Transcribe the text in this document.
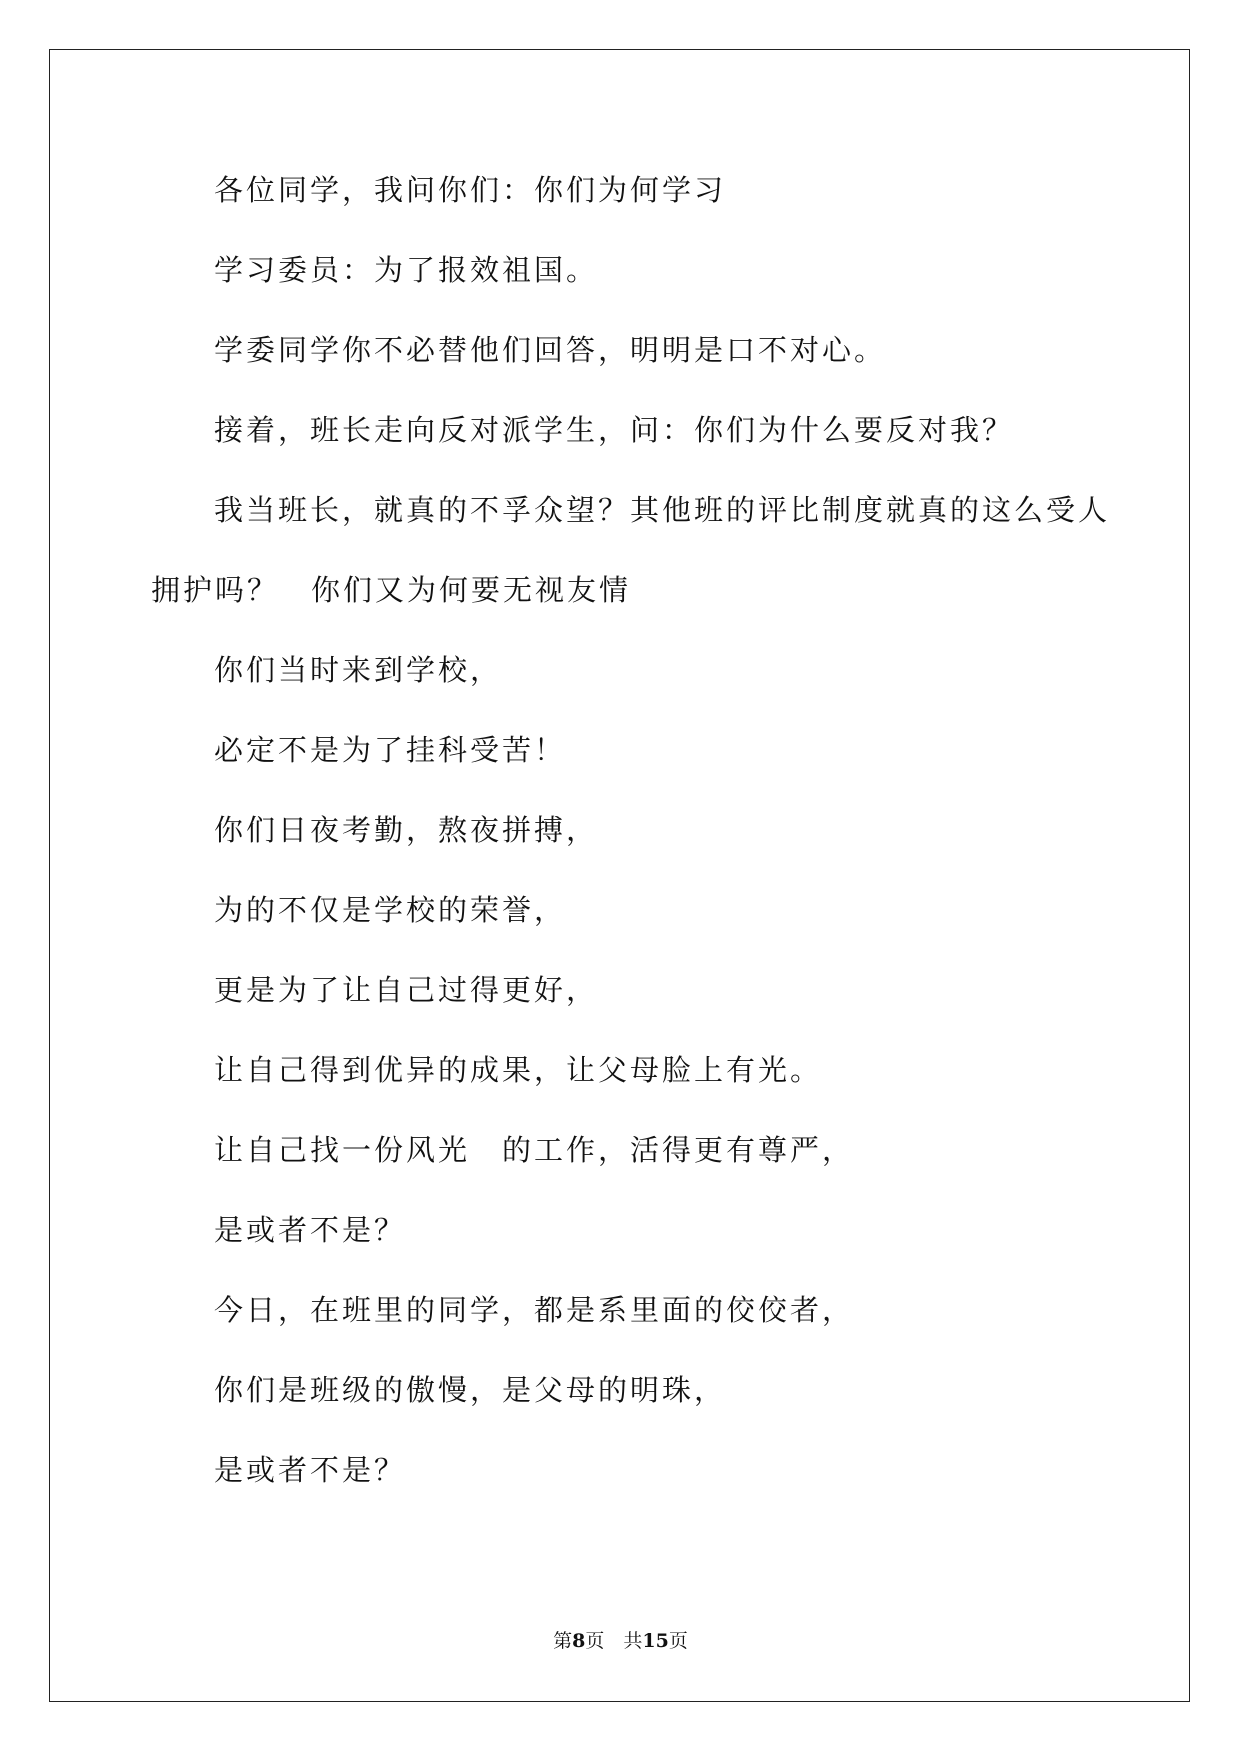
各位同学，我问你们：你们为何学习
学习委员：为了报效祖国。
学委同学你不必替他们回答，明明是口不对心。
接着，班长走向反对派学生，问：你们为什么要反对我？
我当班长，就真的不孚众望？其他班的评比制度就真的这么受人
拥护吗？　你们又为何要无视友情
你们当时来到学校，
必定不是为了挂科受苦！
你们日夜考勤，熬夜拼搏，
为的不仅是学校的荣誉，
更是为了让自己过得更好，
让自己得到优异的成果，让父母脸上有光。
让自己找一份风光　的工作，活得更有尊严，
是或者不是？
今日，在班里的同学，都是系里面的佼佼者，
你们是班级的傲慢，是父母的明珠，
是或者不是？
第8页　共15页
